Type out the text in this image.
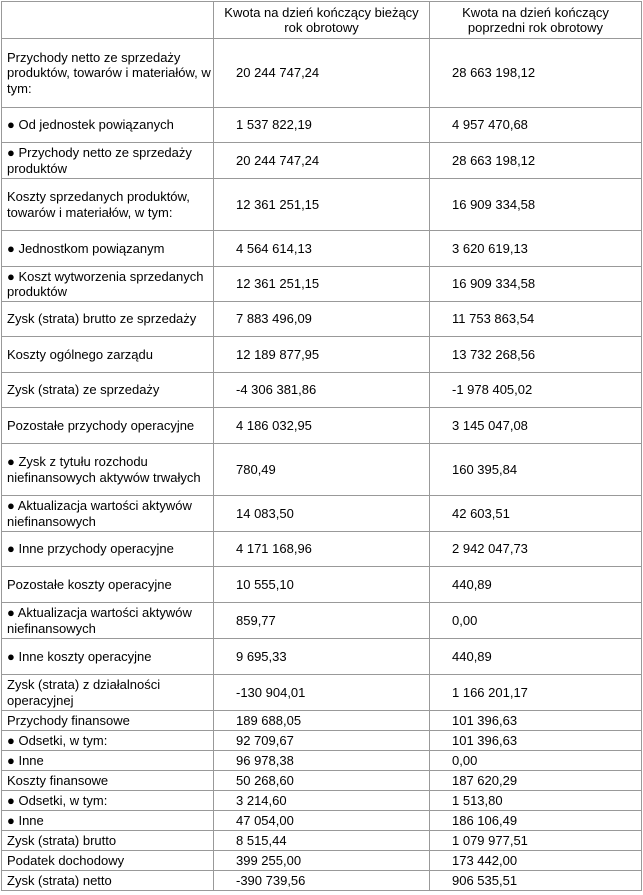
	Kwota na dzień kończący bieżący rok obrotowy	Kwota na dzień kończący poprzedni rok obrotowy
Przychody netto ze sprzedaży produktów, towarów i materiałów, w tym:	20 244 747,24	28 663 198,12
● Od jednostek powiązanych	1 537 822,19	4 957 470,68
● Przychody netto ze sprzedaży produktów	20 244 747,24	28 663 198,12
Koszty sprzedanych produktów, towarów i materiałów, w tym:	12 361 251,15	16 909 334,58
● Jednostkom powiązanym	4 564 614,13	3 620 619,13
● Koszt wytworzenia sprzedanych produktów	12 361 251,15	16 909 334,58
Zysk (strata) brutto ze sprzedaży	7 883 496,09	11 753 863,54
Koszty ogólnego zarządu	12 189 877,95	13 732 268,56
Zysk (strata) ze sprzedaży	-4 306 381,86	-1 978 405,02
Pozostałe przychody operacyjne	4 186 032,95	3 145 047,08
● Zysk z tytułu rozchodu niefinansowych aktywów trwałych	780,49	160 395,84
● Aktualizacja wartości aktywów niefinansowych	14 083,50	42 603,51
● Inne przychody operacyjne	4 171 168,96	2 942 047,73
Pozostałe koszty operacyjne	10 555,10	440,89
● Aktualizacja wartości aktywów niefinansowych	859,77	0,00
● Inne koszty operacyjne	9 695,33	440,89
Zysk (strata) z działalności operacyjnej	-130 904,01	1 166 201,17
Przychody finansowe	189 688,05	101 396,63
● Odsetki, w tym:	92 709,67	101 396,63
● Inne	96 978,38	0,00
Koszty finansowe	50 268,60	187 620,29
● Odsetki, w tym:	3 214,60	1 513,80
● Inne	47 054,00	186 106,49
Zysk (strata) brutto	8 515,44	1 079 977,51
Podatek dochodowy	399 255,00	173 442,00
Zysk (strata) netto	-390 739,56	906 535,51
